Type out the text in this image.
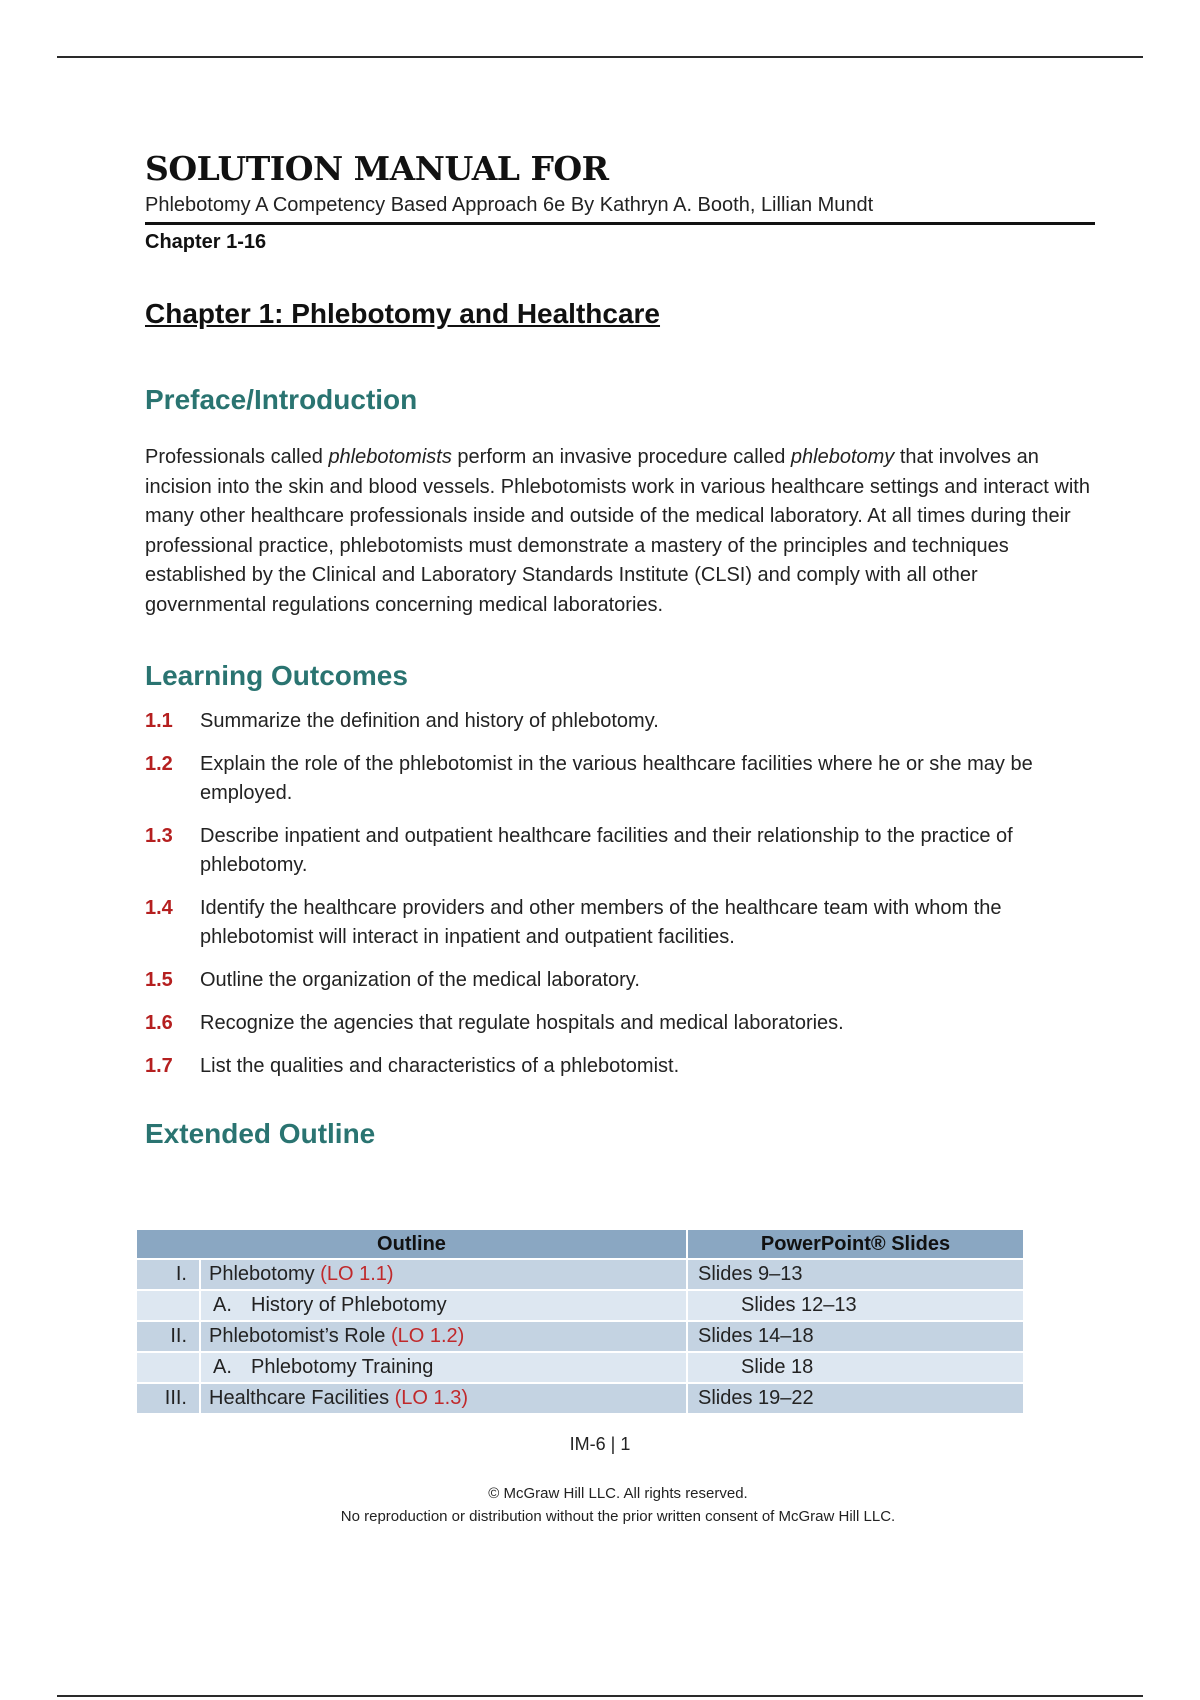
SOLUTION MANUAL FOR
Phlebotomy A Competency Based Approach 6e By Kathryn A. Booth, Lillian Mundt
Chapter 1-16
Chapter 1: Phlebotomy and Healthcare
Preface/Introduction

Professionals called phlebotomists perform an invasive procedure called phlebotomy that involves an incision into the skin and blood vessels. Phlebotomists work in various healthcare settings and interact with many other healthcare professionals inside and outside of the medical laboratory. At all times during their professional practice, phlebotomists must demonstrate a mastery of the principles and techniques established by the Clinical and Laboratory Standards Institute (CLSI) and comply with all other governmental regulations concerning medical laboratories.

Learning Outcomes
1.1	Summarize the definition and history of phlebotomy.
1.2	Explain the role of the phlebotomist in the various healthcare facilities where he or she may be employed.
1.3	Describe inpatient and outpatient healthcare facilities and their relationship to the practice of phlebotomy.
1.4	Identify the healthcare providers and other members of the healthcare team with whom the phlebotomist will interact in inpatient and outpatient facilities.
1.5	Outline the organization of the medical laboratory.
1.6	Recognize the agencies that regulate hospitals and medical laboratories.
1.7	List the qualities and characteristics of a phlebotomist.
Extended Outline
Outline		PowerPoint® Slides
I.	Phlebotomy (LO 1.1)	Slides 9–13
	A. History of Phlebotomy	Slides 12–13
II.	Phlebotomist’s Role (LO 1.2)	Slides 14–18
	A. Phlebotomy Training	Slide 18
III.	Healthcare Facilities (LO 1.3)	Slides 19–22
IM-6 | 1
© McGraw Hill LLC. All rights reserved.
No reproduction or distribution without the prior written consent of McGraw Hill LLC.
